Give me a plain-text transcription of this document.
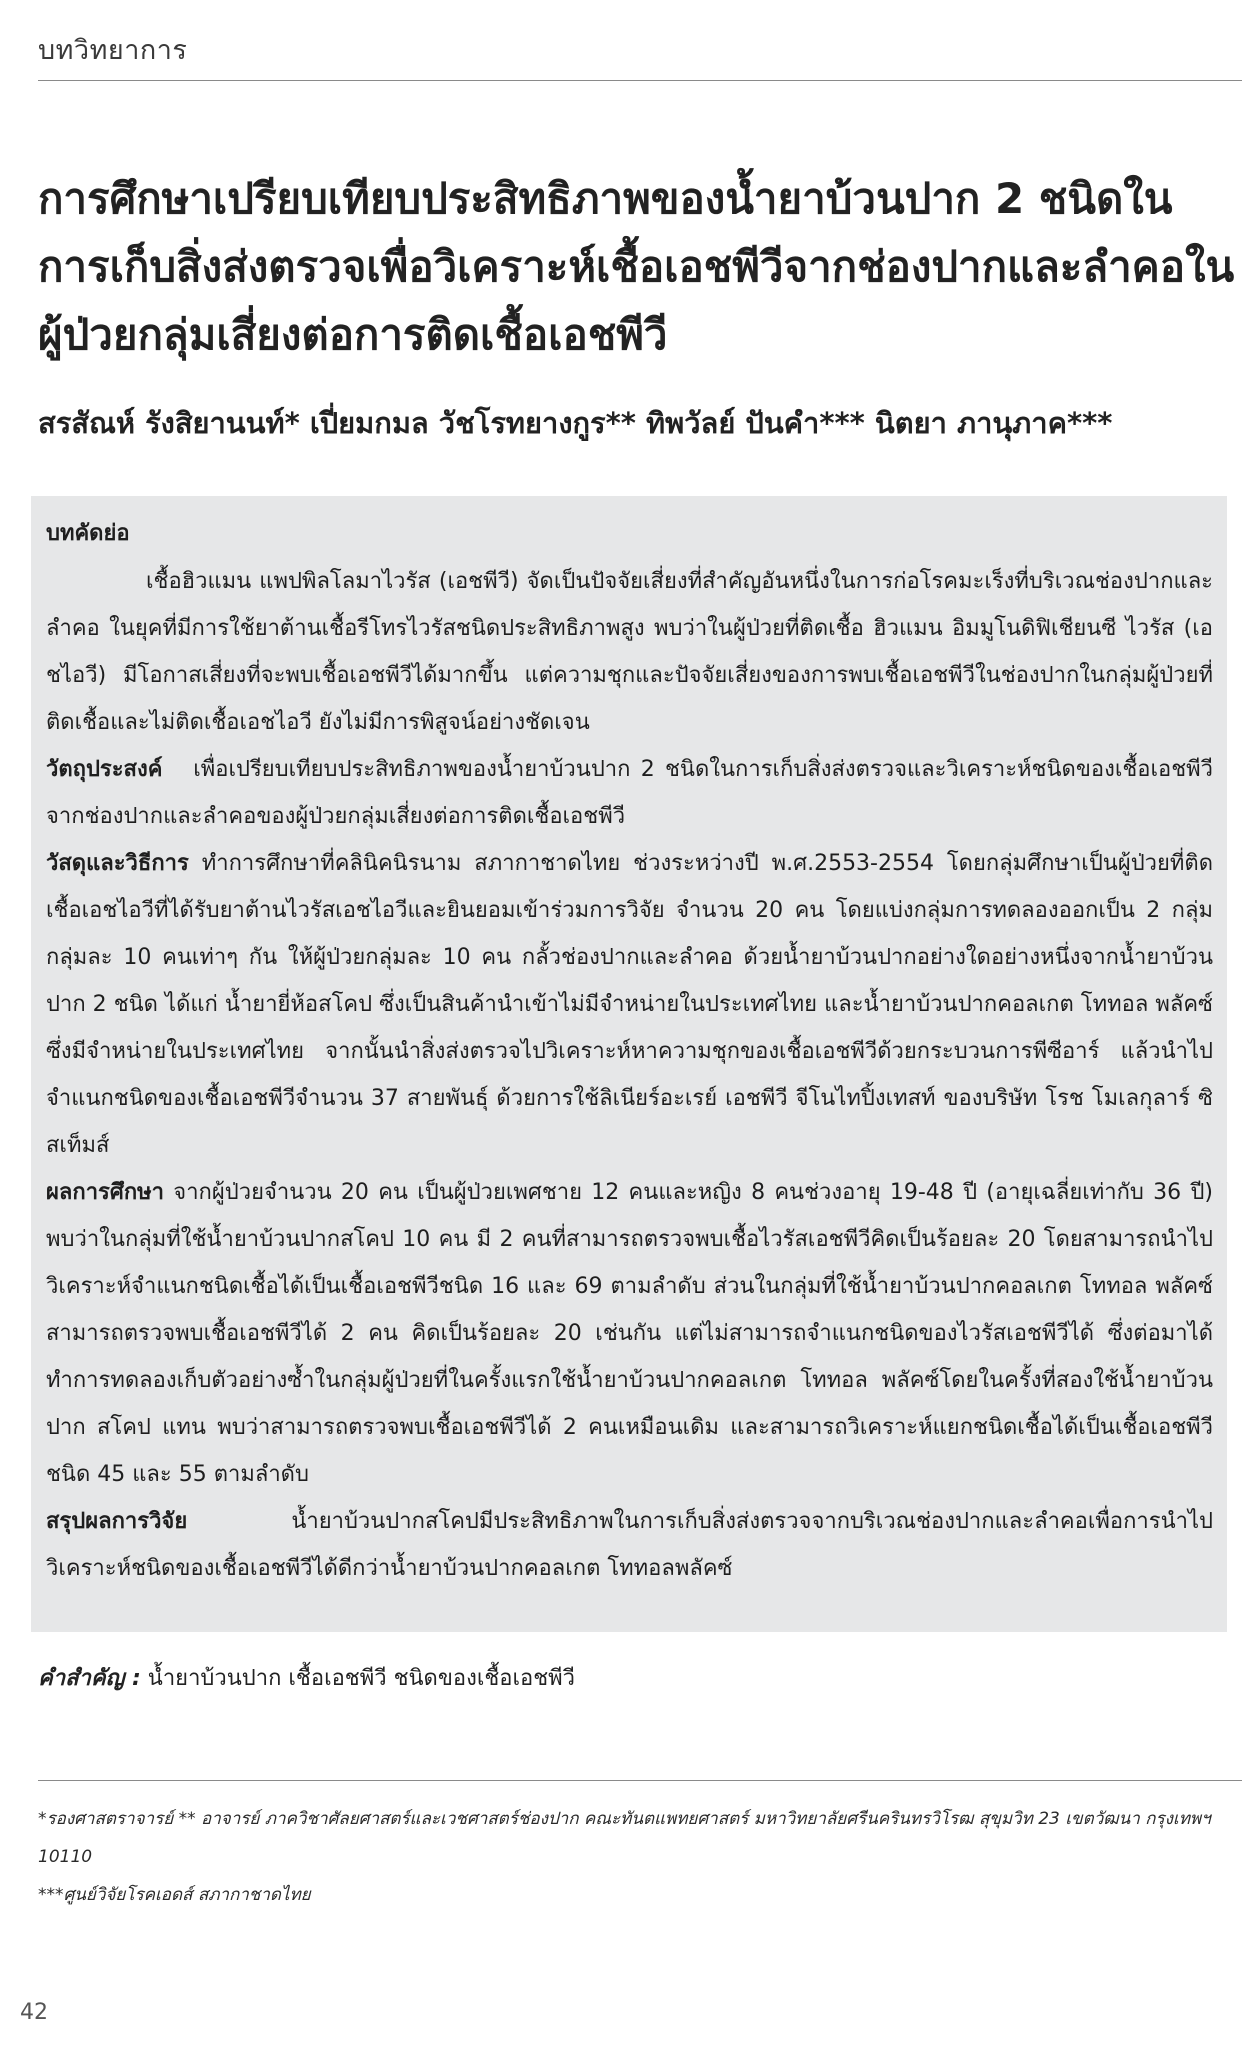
บทวิทยาการ
การศึกษาเปรียบเทียบประสิทธิภาพของน้ำยาบ้วนปาก 2 ชนิดในการเก็บสิ่งส่งตรวจเพื่อวิเคราะห์เชื้อเอชพีวีจากช่องปากและลำคอในผู้ป่วยกลุ่มเสี่ยงต่อการติดเชื้อเอชพีวี
สรสัณห์ รังสิยานนท์* เปี่ยมกมล วัชโรทยางกูร** ทิพวัลย์ ปันคำ*** นิตยา ภานุภาค***

บทคัดย่อ

เชื้อฮิวแมน แพปพิลโลมาไวรัส (เอชพีวี) จัดเป็นปัจจัยเสี่ยงที่สำคัญอันหนึ่งในการก่อโรคมะเร็งที่บริเวณช่องปากและลำคอ ในยุคที่มีการใช้ยาต้านเชื้อรีโทรไวรัสชนิดประสิทธิภาพสูง พบว่าในผู้ป่วยที่ติดเชื้อ ฮิวแมน อิมมูโนดิฟิเชียนซี ไวรัส (เอชไอวี) มีโอกาสเสี่ยงที่จะพบเชื้อเอชพีวีได้มากขึ้น แต่ความชุกและปัจจัยเสี่ยงของการพบเชื้อเอชพีวีในช่องปากในกลุ่มผู้ป่วยที่ติดเชื้อและไม่ติดเชื้อเอชไอวี ยังไม่มีการพิสูจน์อย่างชัดเจน

วัตถุประสงค์ เพื่อเปรียบเทียบประสิทธิภาพของน้ำยาบ้วนปาก 2 ชนิดในการเก็บสิ่งส่งตรวจและวิเคราะห์ชนิดของเชื้อเอชพีวีจากช่องปากและลำคอของผู้ป่วยกลุ่มเสี่ยงต่อการติดเชื้อเอชพีวี

วัสดุและวิธีการ ทำการศึกษาที่คลินิคนิรนาม สภากาชาดไทย ช่วงระหว่างปี พ.ศ.2553-2554 โดยกลุ่มศึกษาเป็นผู้ป่วยที่ติดเชื้อเอชไอวีที่ได้รับยาต้านไวรัสเอชไอวีและยินยอมเข้าร่วมการวิจัย จำนวน 20 คน โดยแบ่งกลุ่มการทดลองออกเป็น 2 กลุ่ม กลุ่มละ 10 คนเท่าๆ กัน ให้ผู้ป่วยกลุ่มละ 10 คน กลั้วช่องปากและลำคอ ด้วยน้ำยาบ้วนปากอย่างใดอย่างหนึ่งจากน้ำยาบ้วนปาก 2 ชนิด ได้แก่ น้ำยายี่ห้อสโคป ซึ่งเป็นสินค้านำเข้าไม่มีจำหน่ายในประเทศไทย และน้ำยาบ้วนปากคอลเกต โททอล พลัคซ์ ซึ่งมีจำหน่ายในประเทศไทย จากนั้นนำสิ่งส่งตรวจไปวิเคราะห์หาความชุกของเชื้อเอชพีวีด้วยกระบวนการพีซีอาร์ แล้วนำไปจำแนกชนิดของเชื้อเอชพีวีจำนวน 37 สายพันธุ์ ด้วยการใช้ลิเนียร์อะเรย์ เอชพีวี จีโนไทปิ้งเทสท์ ของบริษัท โรช โมเลกุลาร์ ซิสเท็มส์

ผลการศึกษา จากผู้ป่วยจำนวน 20 คน เป็นผู้ป่วยเพศชาย 12 คนและหญิง 8 คนช่วงอายุ 19-48 ปี (อายุเฉลี่ยเท่ากับ 36 ปี) พบว่าในกลุ่มที่ใช้น้ำยาบ้วนปากสโคป 10 คน มี 2 คนที่สามารถตรวจพบเชื้อไวรัสเอชพีวีคิดเป็นร้อยละ 20 โดยสามารถนำไปวิเคราะห์จำแนกชนิดเชื้อได้เป็นเชื้อเอชพีวีชนิด 16 และ 69 ตามลำดับ ส่วนในกลุ่มที่ใช้น้ำยาบ้วนปากคอลเกต โททอล พลัคซ์ สามารถตรวจพบเชื้อเอชพีวีได้ 2 คน คิดเป็นร้อยละ 20 เช่นกัน แต่ไม่สามารถจำแนกชนิดของไวรัสเอชพีวีได้ ซึ่งต่อมาได้ทำการทดลองเก็บตัวอย่างซ้ำในกลุ่มผู้ป่วยที่ในครั้งแรกใช้น้ำยาบ้วนปากคอลเกต โททอล พลัคซ์โดยในครั้งที่สองใช้น้ำยาบ้วนปาก สโคป แทน พบว่าสามารถตรวจพบเชื้อเอชพีวีได้ 2 คนเหมือนเดิม และสามารถวิเคราะห์แยกชนิดเชื้อได้เป็นเชื้อเอชพีวีชนิด 45 และ 55 ตามลำดับ

สรุปผลการวิจัย	น้ำยาบ้วนปากสโคปมีประสิทธิภาพในการเก็บสิ่งส่งตรวจจากบริเวณช่องปากและลำคอเพื่อการนำไปวิเคราะห์ชนิดของเชื้อเอชพีวีได้ดีกว่าน้ำยาบ้วนปากคอลเกต โททอลพลัคซ์

คำสำคัญ : น้ำยาบ้วนปาก เชื้อเอชพีวี ชนิดของเชื้อเอชพีวี

*รองศาสตราจารย์ ** อาจารย์ ภาควิชาศัลยศาสตร์และเวชศาสตร์ช่องปาก คณะทันตแพทยศาสตร์ มหาวิทยาลัยศรีนครินทรวิโรฒ สุขุมวิท 23 เขตวัฒนา กรุงเทพฯ 10110

***ศูนย์วิจัยโรคเอดส์ สภากาชาดไทย

42
